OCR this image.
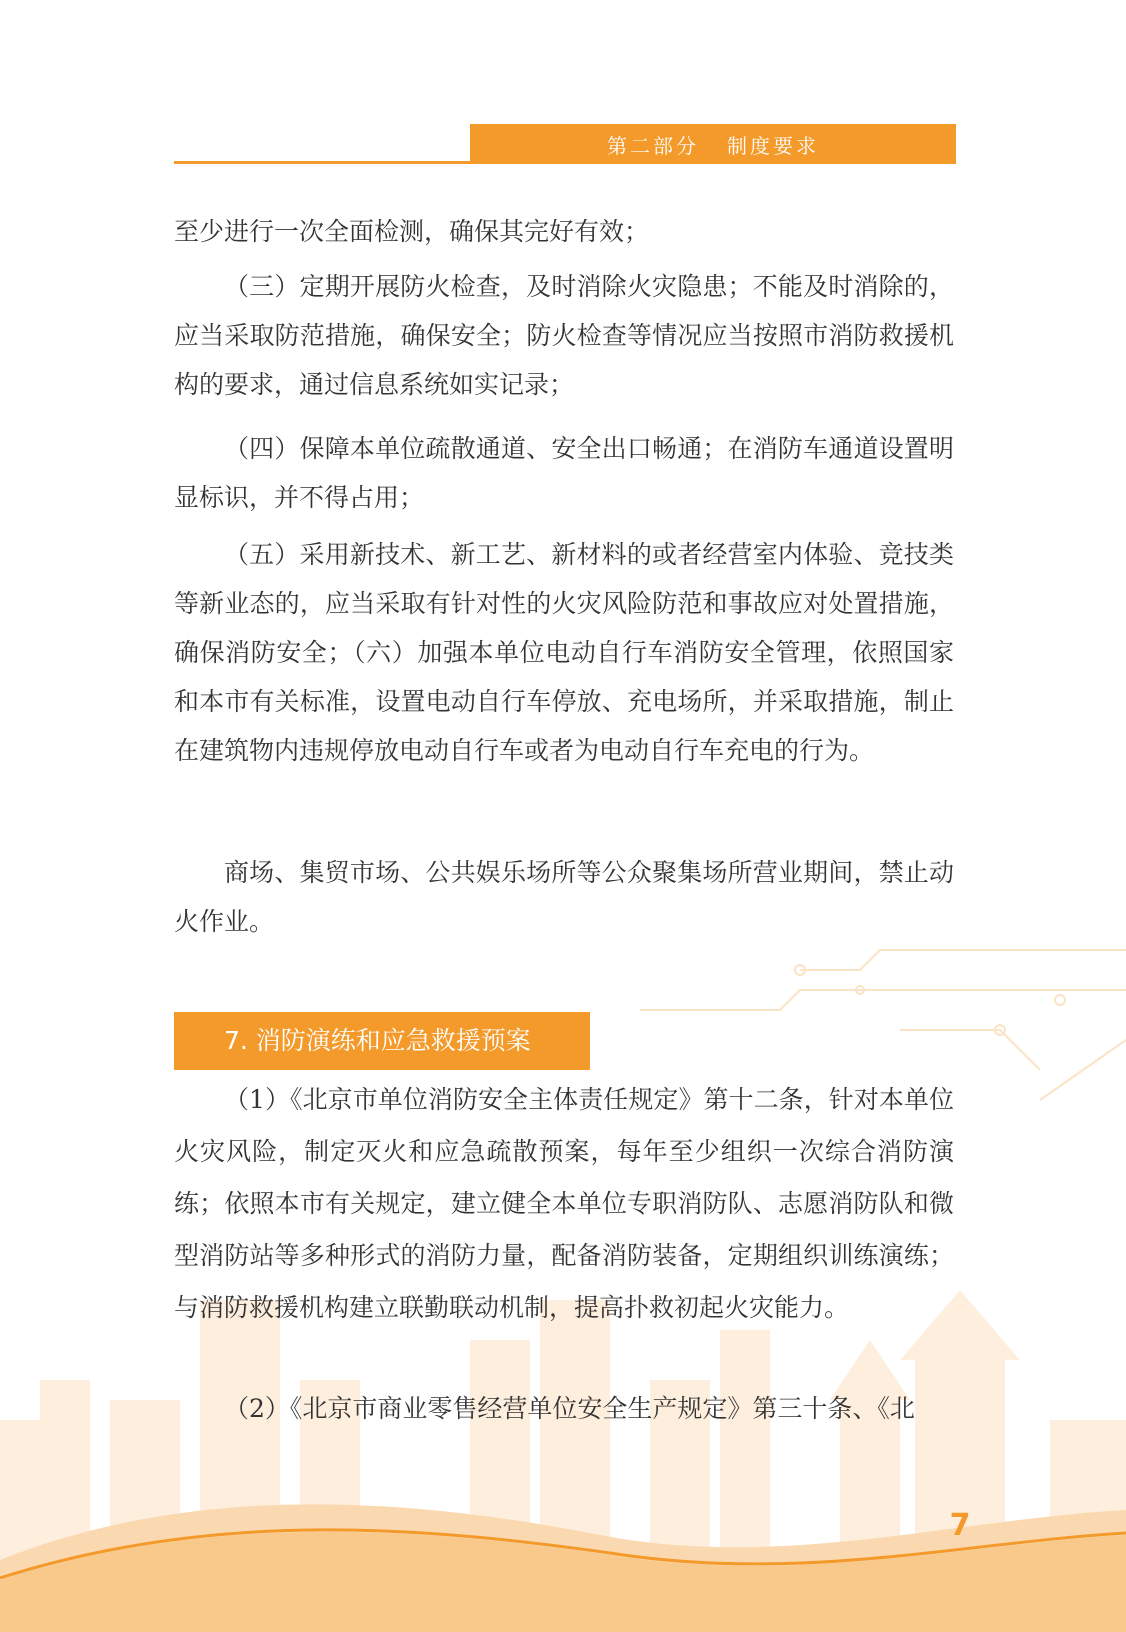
第二部分 制度要求
至少进行一次全面检测，确保其完好有效；
（三）定期开展防火检查，及时消除火灾隐患；不能及时消除的，应当采取防范措施，确保安全；防火检查等情况应当按照市消防救援机构的要求，通过信息系统如实记录；
（四）保障本单位疏散通道、安全出口畅通；在消防车通道设置明显标识，并不得占用；
（五）采用新技术、新工艺、新材料的或者经营室内体验、竞技类等新业态的，应当采取有针对性的火灾风险防范和事故应对处置措施，确保消防安全；（六）加强本单位电动自行车消防安全管理，依照国家和本市有关标准，设置电动自行车停放、充电场所，并采取措施，制止在建筑物内违规停放电动自行车或者为电动自行车充电的行为。
商场、集贸市场、公共娱乐场所等公众聚集场所营业期间，禁止动火作业。
7. 消防演练和应急救援预案
（1）《北京市单位消防安全主体责任规定》第十二条，针对本单位火灾风险，制定灭火和应急疏散预案，每年至少组织一次综合消防演练；依照本市有关规定，建立健全本单位专职消防队、志愿消防队和微型消防站等多种形式的消防力量，配备消防装备，定期组织训练演练；与消防救援机构建立联勤联动机制，提高扑救初起火灾能力。
（2）《北京市商业零售经营单位安全生产规定》第三十条、《北
7
